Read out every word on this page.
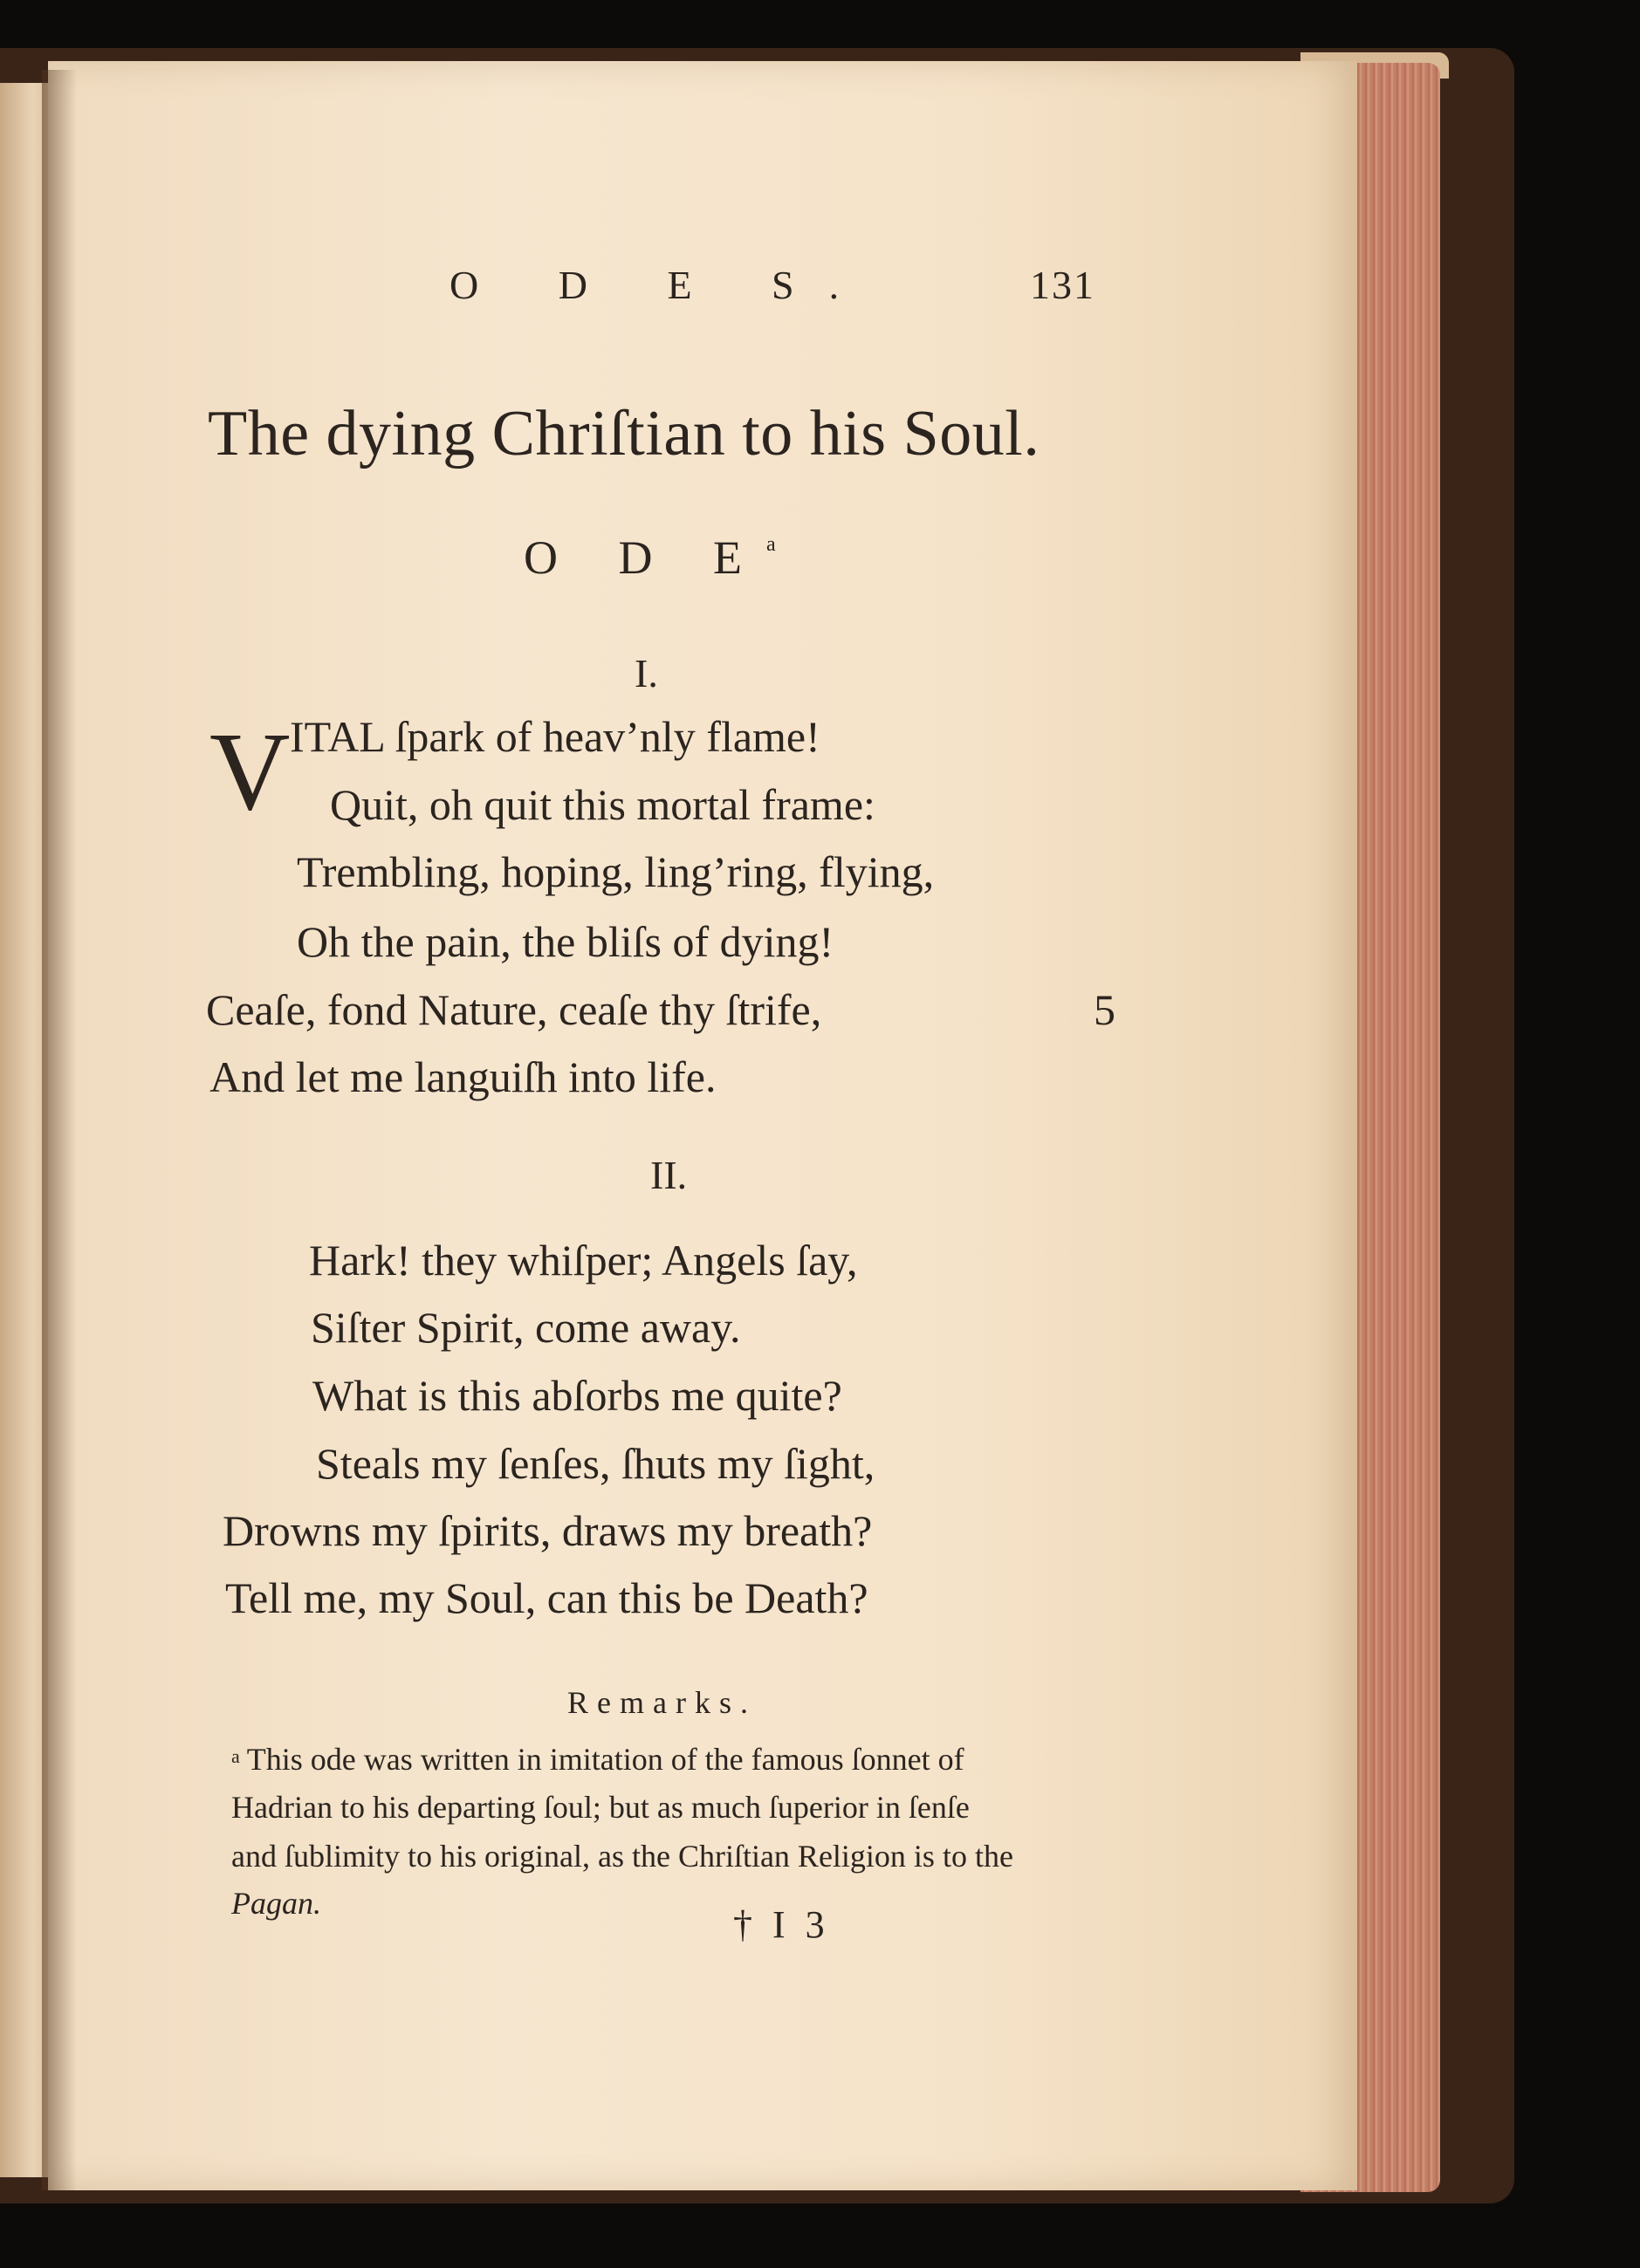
O D E S.	131
The dying Chriſtian to his Soul.
O D $E^a$
I.
V ITAL ſpark of heav’nly flame!
Quit, oh quit this mortal frame:
Trembling, hoping, ling’ring, flying,
Oh the pain, the bliſs of dying!
Ceaſe, fond Nature, ceaſe thy ſtrife,	5
And let me languiſh into life.
II.
Hark! they whiſper; Angels ſay,
Siſter Spirit, come away.
What is this abſorbs me quite?
Steals my ſenſes, ſhuts my ſight,
Drowns my ſpirits, draws my breath?
Tell me, my Soul, can this be Death?
Remarks.
$^a$ This ode was written in imitation of the famous ſonnet of
Hadrian to his departing ſoul; but as much ſuperior in ſenſe
and ſublimity to his original, as the Chriſtian Religion is to the
Pagan.	† I 3
